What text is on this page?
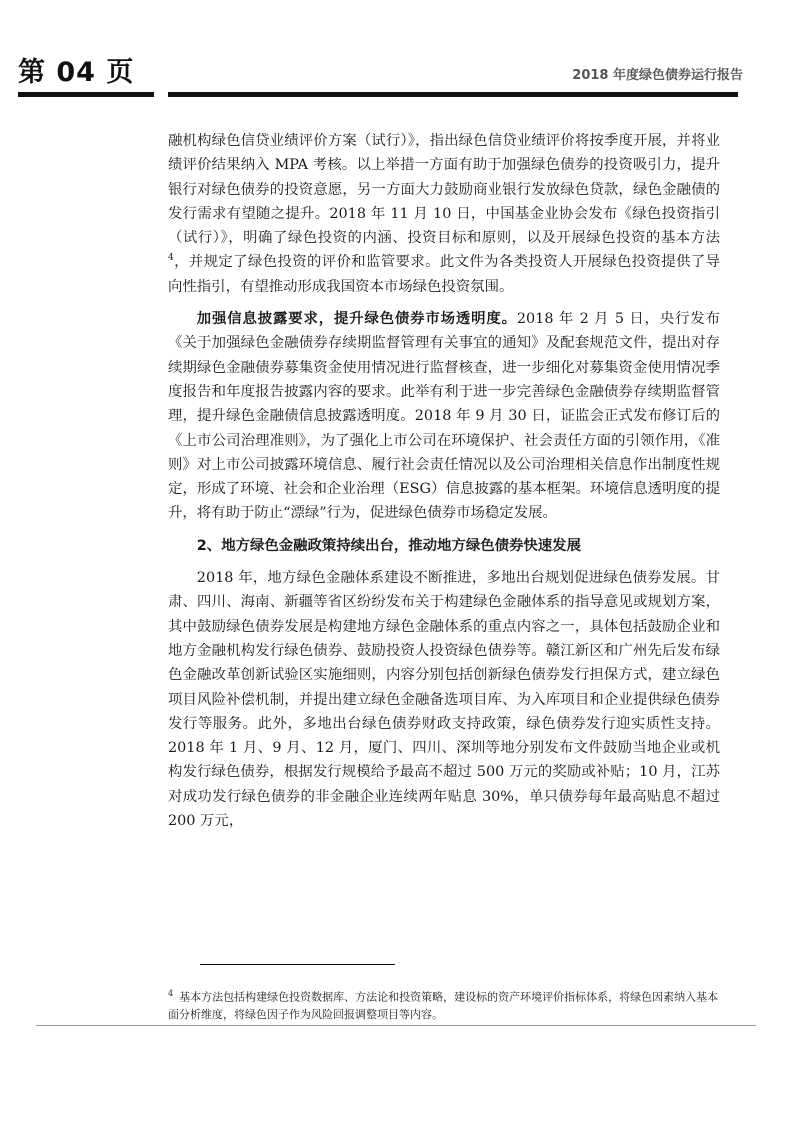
第 04 页	2018 年度绿色债券运行报告

融机构绿色信贷业绩评价方案（试行）》，指出绿色信贷业绩评价将按季度开展，并将业绩评价结果纳入 MPA 考核。以上举措一方面有助于加强绿色债券的投资吸引力，提升银行对绿色债券的投资意愿，另一方面大力鼓励商业银行发放绿色贷款，绿色金融债的发行需求有望随之提升。2018 年 11 月 10 日，中国基金业协会发布《绿色投资指引（试行）》，明确了绿色投资的内涵、投资目标和原则，以及开展绿色投资的基本方法$^4$，并规定了绿色投资的评价和监管要求。此文件为各类投资人开展绿色投资提供了导向性指引，有望推动形成我国资本市场绿色投资氛围。

加强信息披露要求，提升绿色债券市场透明度。2018 年 2 月 5 日，央行发布《关于加强绿色金融债券存续期监督管理有关事宜的通知》及配套规范文件，提出对存续期绿色金融债券募集资金使用情况进行监督核查，进一步细化对募集资金使用情况季度报告和年度报告披露内容的要求。此举有利于进一步完善绿色金融债券存续期监督管理，提升绿色金融债信息披露透明度。2018 年 9 月 30 日，证监会正式发布修订后的《上市公司治理准则》，为了强化上市公司在环境保护、社会责任方面的引领作用，《准则》对上市公司披露环境信息、履行社会责任情况以及公司治理相关信息作出制度性规定，形成了环境、社会和企业治理（ESG）信息披露的基本框架。环境信息透明度的提升，将有助于防止“漂绿”行为，促进绿色债券市场稳定发展。

2、地方绿色金融政策持续出台，推动地方绿色债券快速发展

2018 年，地方绿色金融体系建设不断推进，多地出台规划促进绿色债券发展。甘肃、四川、海南、新疆等省区纷纷发布关于构建绿色金融体系的指导意见或规划方案，其中鼓励绿色债券发展是构建地方绿色金融体系的重点内容之一，具体包括鼓励企业和地方金融机构发行绿色债券、鼓励投资人投资绿色债券等。赣江新区和广州先后发布绿色金融改革创新试验区实施细则，内容分别包括创新绿色债券发行担保方式，建立绿色项目风险补偿机制，并提出建立绿色金融备选项目库、为入库项目和企业提供绿色债券发行等服务。此外，多地出台绿色债券财政支持政策，绿色债券发行迎实质性支持。2018 年 1 月、9 月、12 月，厦门、四川、深圳等地分别发布文件鼓励当地企业或机构发行绿色债券，根据发行规模给予最高不超过 500 万元的奖励或补贴；10 月，江苏对成功发行绿色债券的非金融企业连续两年贴息 30%，单只债券每年最高贴息不超过 200 万元，

$^4$ 基本方法包括构建绿色投资数据库、方法论和投资策略，建设标的资产环境评价指标体系，将绿色因素纳入基本面分析维度，将绿色因子作为风险回报调整项目等内容。
